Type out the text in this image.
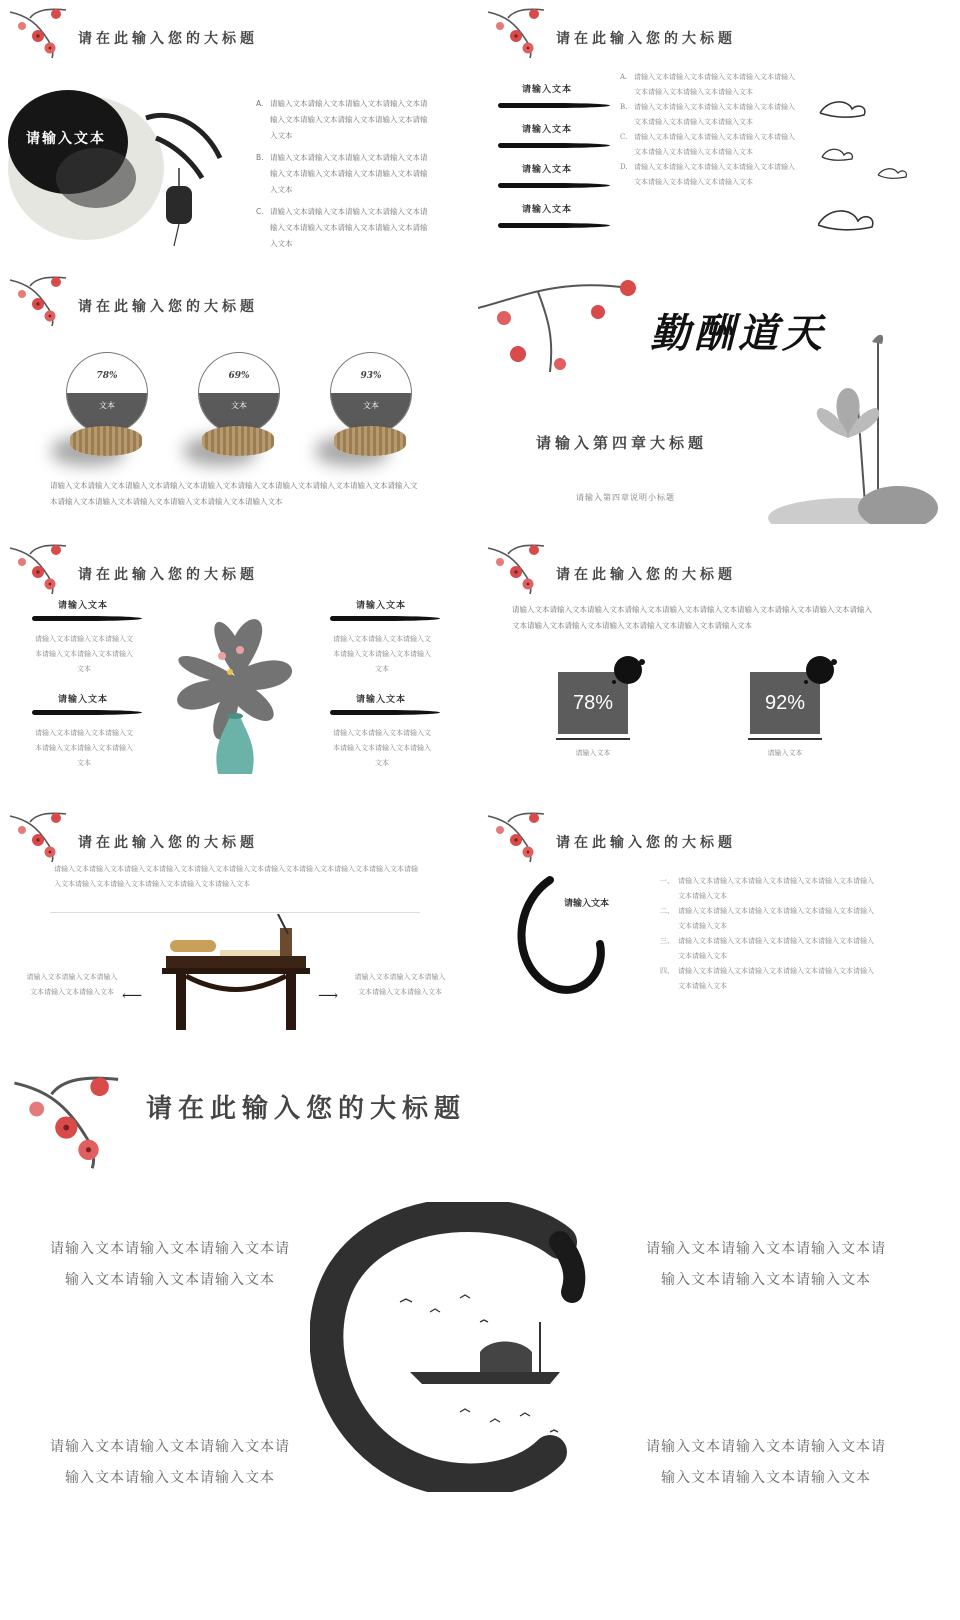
请在此输入您的大标题
请输入文本
A. 请输入文本请输入文本请输入文本请输入文本请输入文本请输入文本请输入文本请输入文本请输入文本
B. 请输入文本请输入文本请输入文本请输入文本请输入文本请输入文本请输入文本请输入文本请输入文本
C. 请输入文本请输入文本请输入文本请输入文本请输入文本请输入文本请输入文本请输入文本请输入文本
请在此输入您的大标题
请输入文本
请输入文本
请输入文本
请输入文本
A. 请输入文本请输入文本请输入文本请输入文本请输入文本请输入文本请输入文本请输入文本
B. 请输入文本请输入文本请输入文本请输入文本请输入文本请输入文本请输入文本请输入文本
C. 请输入文本请输入文本请输入文本请输入文本请输入文本请输入文本请输入文本请输入文本
D. 请输入文本请输入文本请输入文本请输入文本请输入文本请输入文本请输入文本请输入文本
请在此输入您的大标题
78%
文本
69%
文本
93%
文本
请输入文本请输入文本请输入文本请输入文本请输入文本请输入文本请输入文本请输入文本请输入文本请输入文本请输入文本请输入文本请输入文本请输入文本请输入文本请输入文本
勤酬道天
请输入第四章大标题
请输入第四章说明小标题
请在此输入您的大标题
请输入文本
请输入文本请输入文本请输入文本请输入文本请输入文本请输入文本
请输入文本
请输入文本请输入文本请输入文本请输入文本请输入文本请输入文本
请输入文本
请输入文本请输入文本请输入文本请输入文本请输入文本请输入文本
请输入文本
请输入文本请输入文本请输入文本请输入文本请输入文本请输入文本
请在此输入您的大标题
请输入文本请输入文本请输入文本请输入文本请输入文本请输入文本请输入文本请输入文本请输入文本请输入文本请输入文本请输入文本请输入文本请输入文本请输入文本请输入文本
78%
请输入文本
92%
请输入文本
请在此输入您的大标题
请输入文本请输入文本请输入文本请输入文本请输入文本请输入文本请输入文本请输入文本请输入文本请输入文本请输入文本请输入文本请输入文本请输入文本请输入文本请输入文本
请输入文本请输入文本请输入文本请输入文本请输入文本 ⟵	⟶
请输入文本请输入文本请输入文本请输入文本请输入文本
请在此输入您的大标题
请输入文本
一、 请输入文本请输入文本请输入文本请输入文本请输入文本请输入文本请输入文本
二、 请输入文本请输入文本请输入文本请输入文本请输入文本请输入文本请输入文本
三、 请输入文本请输入文本请输入文本请输入文本请输入文本请输入文本请输入文本
四、 请输入文本请输入文本请输入文本请输入文本请输入文本请输入文本请输入文本
请在此输入您的大标题
请输入文本请输入文本请输入文本请输入文本请输入文本请输入文本
请输入文本请输入文本请输入文本请输入文本请输入文本请输入文本
请输入文本请输入文本请输入文本请输入文本请输入文本请输入文本
请输入文本请输入文本请输入文本请输入文本请输入文本请输入文本
